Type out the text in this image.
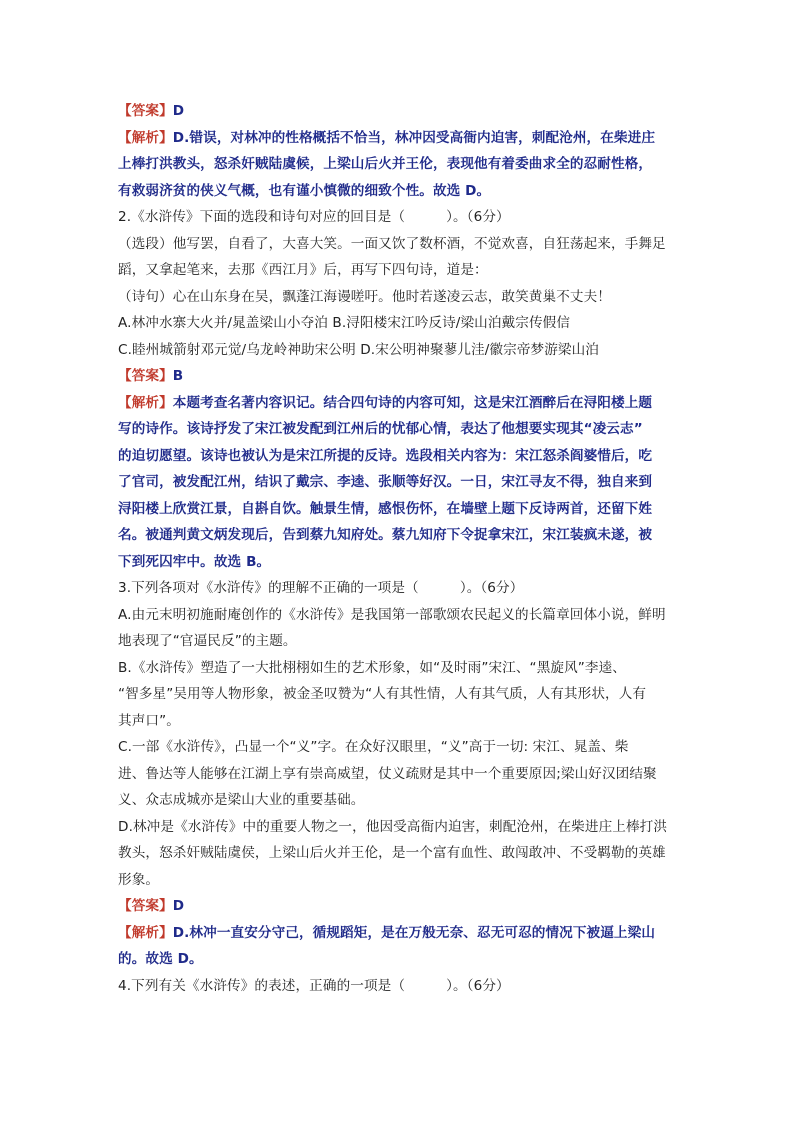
【答案】D
【解析】D.错误，对林冲的性格概括不恰当，林冲因受高衙内迫害，刺配沧州，在柴进庄
上棒打洪教头，怒杀奸贼陆虞候，上梁山后火并王伦，表现他有着委曲求全的忍耐性格，
有救弱济贫的侠义气概，也有谨小慎微的细致个性。故选 D。
2.《水浒传》下面的选段和诗句对应的回目是（　　　）。（6分）
（选段）他写罢，自看了，大喜大笑。一面又饮了数杯酒，不觉欢喜，自狂荡起来，手舞足
蹈，又拿起笔来，去那《西江月》后，再写下四句诗，道是：
（诗句）心在山东身在吴，飘蓬江海谩嗟吁。他时若遂凌云志，敢笑黄巢不丈夫！
A.林冲水寨大火并/晁盖梁山小夺泊 B.浔阳楼宋江吟反诗/梁山泊戴宗传假信
C.睦州城箭射邓元觉/乌龙岭神助宋公明 D.宋公明神聚蓼儿洼/徽宗帝梦游梁山泊
【答案】B
【解析】本题考查名著内容识记。结合四句诗的内容可知，这是宋江酒醉后在浔阳楼上题
写的诗作。该诗抒发了宋江被发配到江州后的忧郁心情，表达了他想要实现其“凌云志”
的迫切愿望。该诗也被认为是宋江所提的反诗。选段相关内容为：宋江怒杀阎婆惜后，吃
了官司，被发配江州，结识了戴宗、李逵、张顺等好汉。一日，宋江寻友不得，独自来到
浔阳楼上欣赏江景，自斟自饮。触景生情，感恨伤怀，在墙壁上题下反诗两首，还留下姓
名。被通判黄文炳发现后，告到蔡九知府处。蔡九知府下令捉拿宋江，宋江装疯未遂，被
下到死囚牢中。故选 B。
3.下列各项对《水浒传》的理解不正确的一项是（　　　）。（6分）
A.由元末明初施耐庵创作的《水浒传》是我国第一部歌颂农民起义的长篇章回体小说，鲜明
地表现了“官逼民反”的主题。
B.《水浒传》塑造了一大批栩栩如生的艺术形象，如“及时雨”宋江、“黑旋风”李逵、
“智多星”吴用等人物形象，被金圣叹赞为“人有其性情，人有其气质，人有其形状，人有
其声口”。
C.一部《水浒传》，凸显一个“义”字。在众好汉眼里，“义”高于一切: 宋江、晁盖、柴
进、鲁达等人能够在江湖上享有崇高威望，仗义疏财是其中一个重要原因;梁山好汉团结聚
义、众志成城亦是梁山大业的重要基础。
D.林冲是《水浒传》中的重要人物之一，他因受高衙内迫害，刺配沧州，在柴进庄上棒打洪
教头，怒杀奸贼陆虞侯，上梁山后火并王伦，是一个富有血性、敢闯敢冲、不受羁勒的英雄
形象。
【答案】D
【解析】D.林冲一直安分守己，循规蹈矩，是在万般无奈、忍无可忍的情况下被逼上梁山
的。故选 D。
4.下列有关《水浒传》的表述，正确的一项是（　　　）。（6分）
